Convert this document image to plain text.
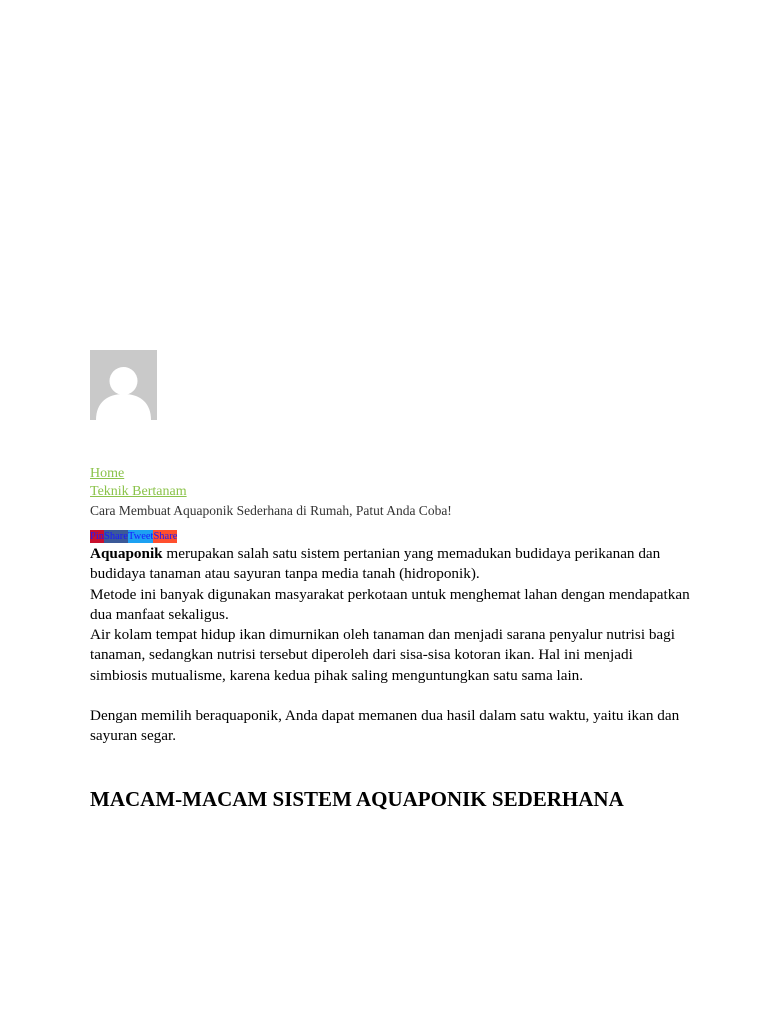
Home
Teknik Bertanam
Cara Membuat Aquaponik Sederhana di Rumah, Patut Anda Coba!
Pin Share Tweet Share

Aquaponik merupakan salah satu sistem pertanian yang memadukan budidaya perikanan dan budidaya tanaman atau sayuran tanpa media tanah (hidroponik).

Metode ini banyak digunakan masyarakat perkotaan untuk menghemat lahan dengan mendapatkan dua manfaat sekaligus.

Air kolam tempat hidup ikan dimurnikan oleh tanaman dan menjadi sarana penyalur nutrisi bagi tanaman, sedangkan nutrisi tersebut diperoleh dari sisa-sisa kotoran ikan. Hal ini menjadi simbiosis mutualisme, karena kedua pihak saling menguntungkan satu sama lain.

Dengan memilih beraquaponik, Anda dapat memanen dua hasil dalam satu waktu, yaitu ikan dan sayuran segar.

MACAM-MACAM SISTEM AQUAPONIK SEDERHANA
